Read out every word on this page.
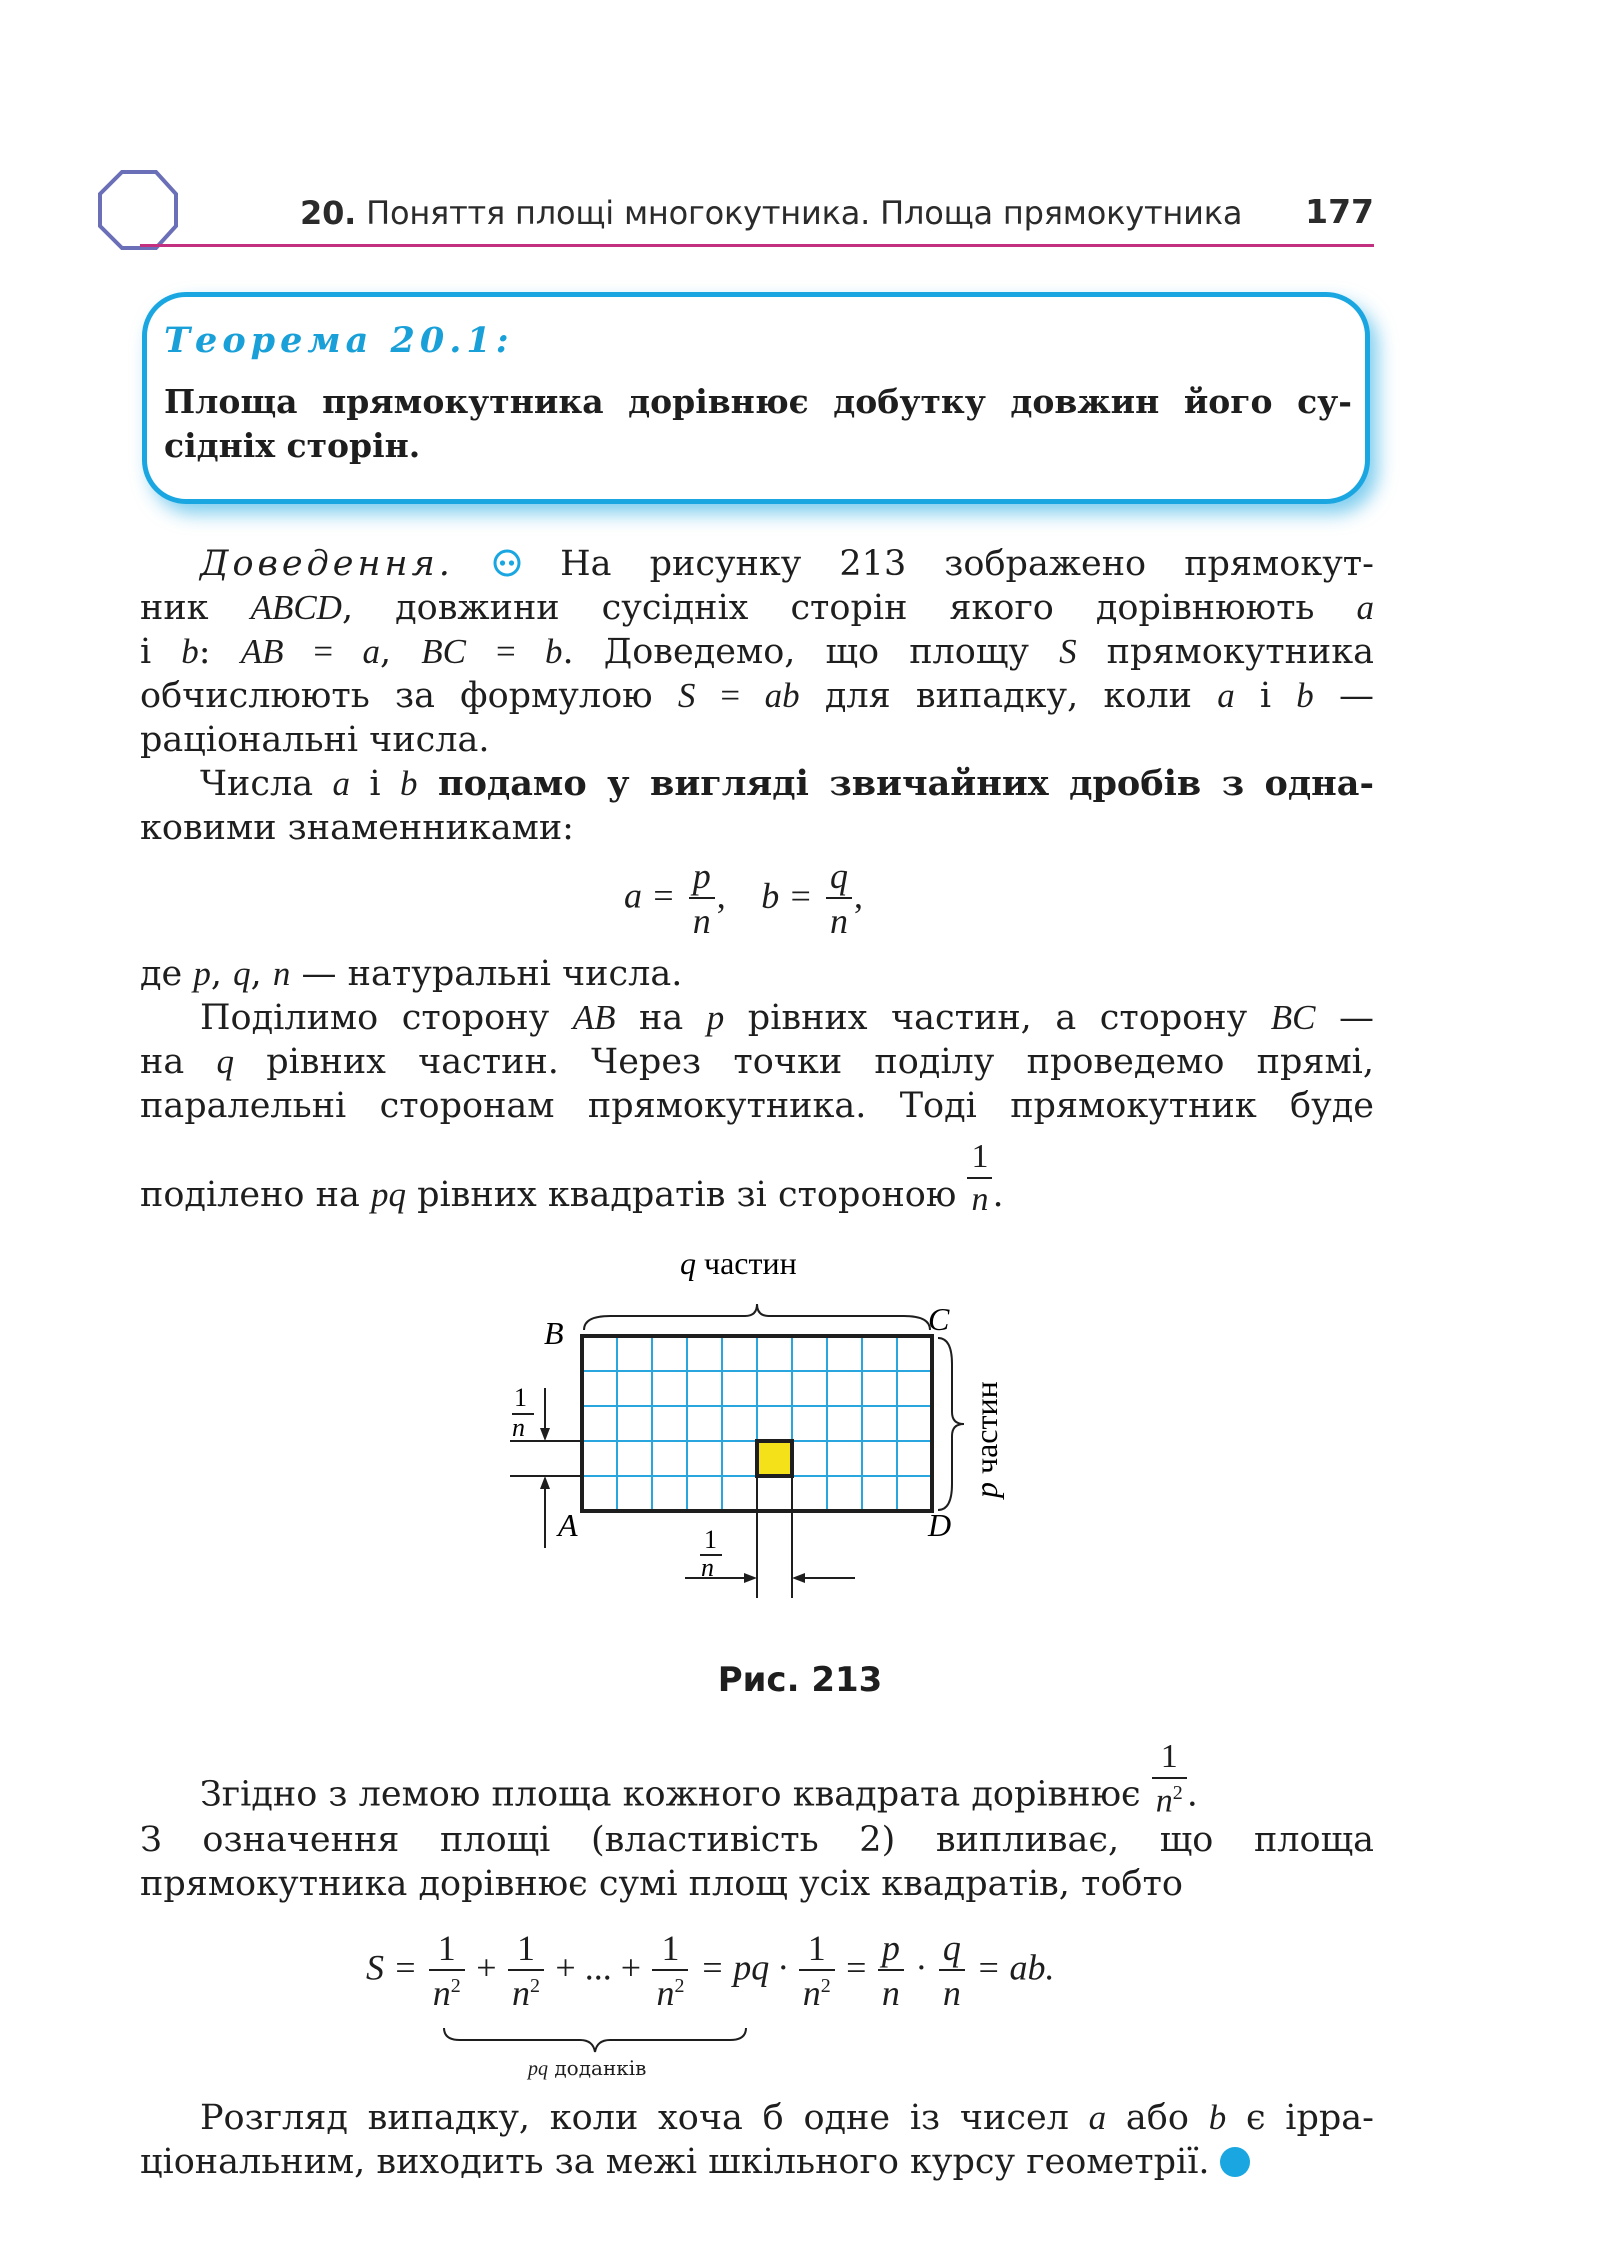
20. Поняття площі многокутника. Площа прямокутника 177
Теорема 20.1:
Площа прямокутника дорівнює добутку довжин його су-
сідніх сторін.
Доведення.	На рисунку 213 зображено прямокут-
ник ABCD, довжини сусідніх сторін якого дорівнюють a
і b: AB = a, BC = b. Доведемо, що площу S прямокутника
обчислюють за формулою S = ab для випадку, коли a і b —
раціональні числа.
Числа a і b подамо у вигляді звичайних дробів з одна-
ковими знаменниками:
$a = \frac{p}{n}$ , $b = \frac{q}{n}$ ,
де p, q, n — натуральні числа.
Поділимо сторону AB на p рівних частин, а сторону BC —
на q рівних частин. Через точки поділу проведемо прямі,
паралельні сторонам прямокутника. Тоді прямокутник буде
поділено на pq рівних квадратів зі стороною $\frac{1}{n}$ .
q частин
p частин
B	C
A	D
1
n
1
n
Рис. 213
Згідно з лемою площа кожного квадрата дорівнює $\frac{1}{n^2}$ .
З означення площі (властивість 2) випливає, що площа
прямокутника дорівнює сумі площ усіх квадратів, тобто
$S = \frac{1}{n^2} + \frac{1}{n^2}$ + ... + $\frac{1}{n^2}$ = pq · $\frac{1}{n^2} = \frac{p}{n} \cdot \frac{q}{n}$ = ab.
pq доданків
Розгляд випадку, коли хоча б одне із чисел a або b є ірра-
ціональним, виходить за межі шкільного курсу геометрії.
